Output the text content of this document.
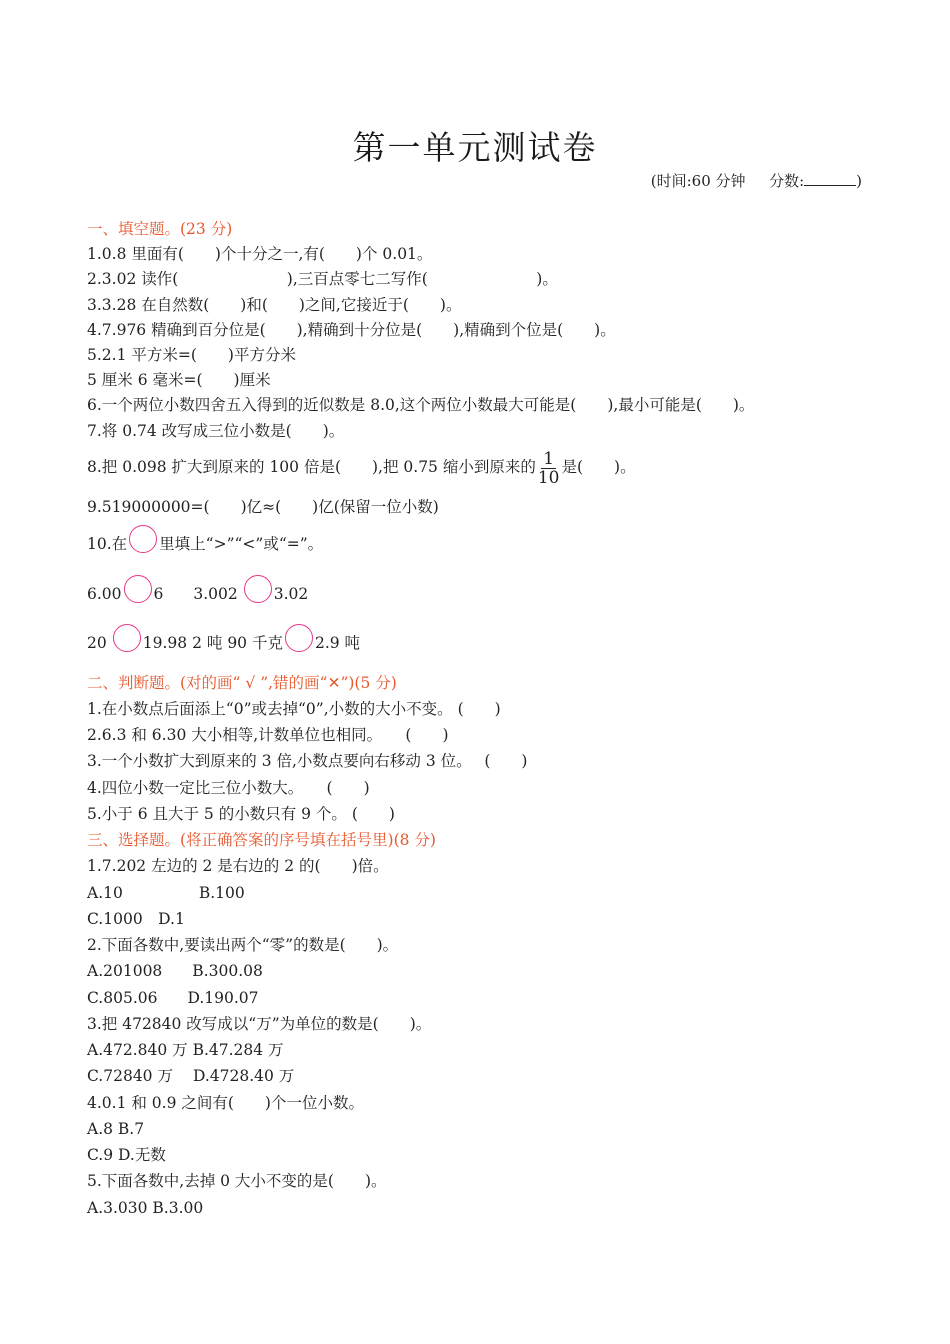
第一单元测试卷
(时间:60 分钟 分数:	)
一、填空题。(23 分)
1.0.8 里面有(　　)个十分之一,有(　　)个 0.01。
2.3.02 读作(　　　　　　　),三百点零七二写作(　　　　　　　)。
3.3.28 在自然数(　　)和(　　)之间,它接近于(　　)。
4.7.976 精确到百分位是(　　),精确到十分位是(　　),精确到个位是(　　)。
5.2.1 平方米=(　　)平方分米
5 厘米 6 毫米=(　　)厘米
6.一个两位小数四舍五入得到的近似数是 8.0,这个两位小数最大可能是(　　),最小可能是(　　)。
7.将 0.74 改写成三位小数是(　　)。
8.把 0.098 扩大到原来的 100 倍是(　　),把 0.75 缩小到原来的 $\frac{1}{10}$ 是(　　)。
9.519000000=(　　)亿≈(　　)亿(保留一位小数)
10.在 里填上“>”“<”或“=”。
6.00 6 3.002 3.02
20 19.98 2 吨 90 千克 2.9 吨
二、判断题。(对的画“ √ ”,错的画“✕”)(5 分)
1.在小数点后面添上“0”或去掉“0”,小数的大小不变。 (　　)
2.6.3 和 6.30 大小相等,计数单位也相同。　　(　　)
3.一个小数扩大到原来的 3 倍,小数点要向右移动 3 位。　 (　　)
4.四位小数一定比三位小数大。　　(　　)
5.小于 6 且大于 5 的小数只有 9 个。 (　　)
三、选择题。(将正确答案的序号填在括号里)(8 分)
1.7.202 左边的 2 是右边的 2 的(　　)倍。
A.10	B.100
C.1000　D.1
2.下面各数中,要读出两个“零”的数是(　　)。
A.201008 B.300.08
C.805.06 D.190.07
3.把 472840 改写成以“万”为单位的数是(　　)。
A.472.840 万 B.47.284 万
C.72840 万 D.4728.40 万
4.0.1 和 0.9 之间有(　　)个一位小数。
A.8 B.7
C.9 D.无数
5.下面各数中,去掉 0 大小不变的是(　　)。
A.3.030 B.3.00
